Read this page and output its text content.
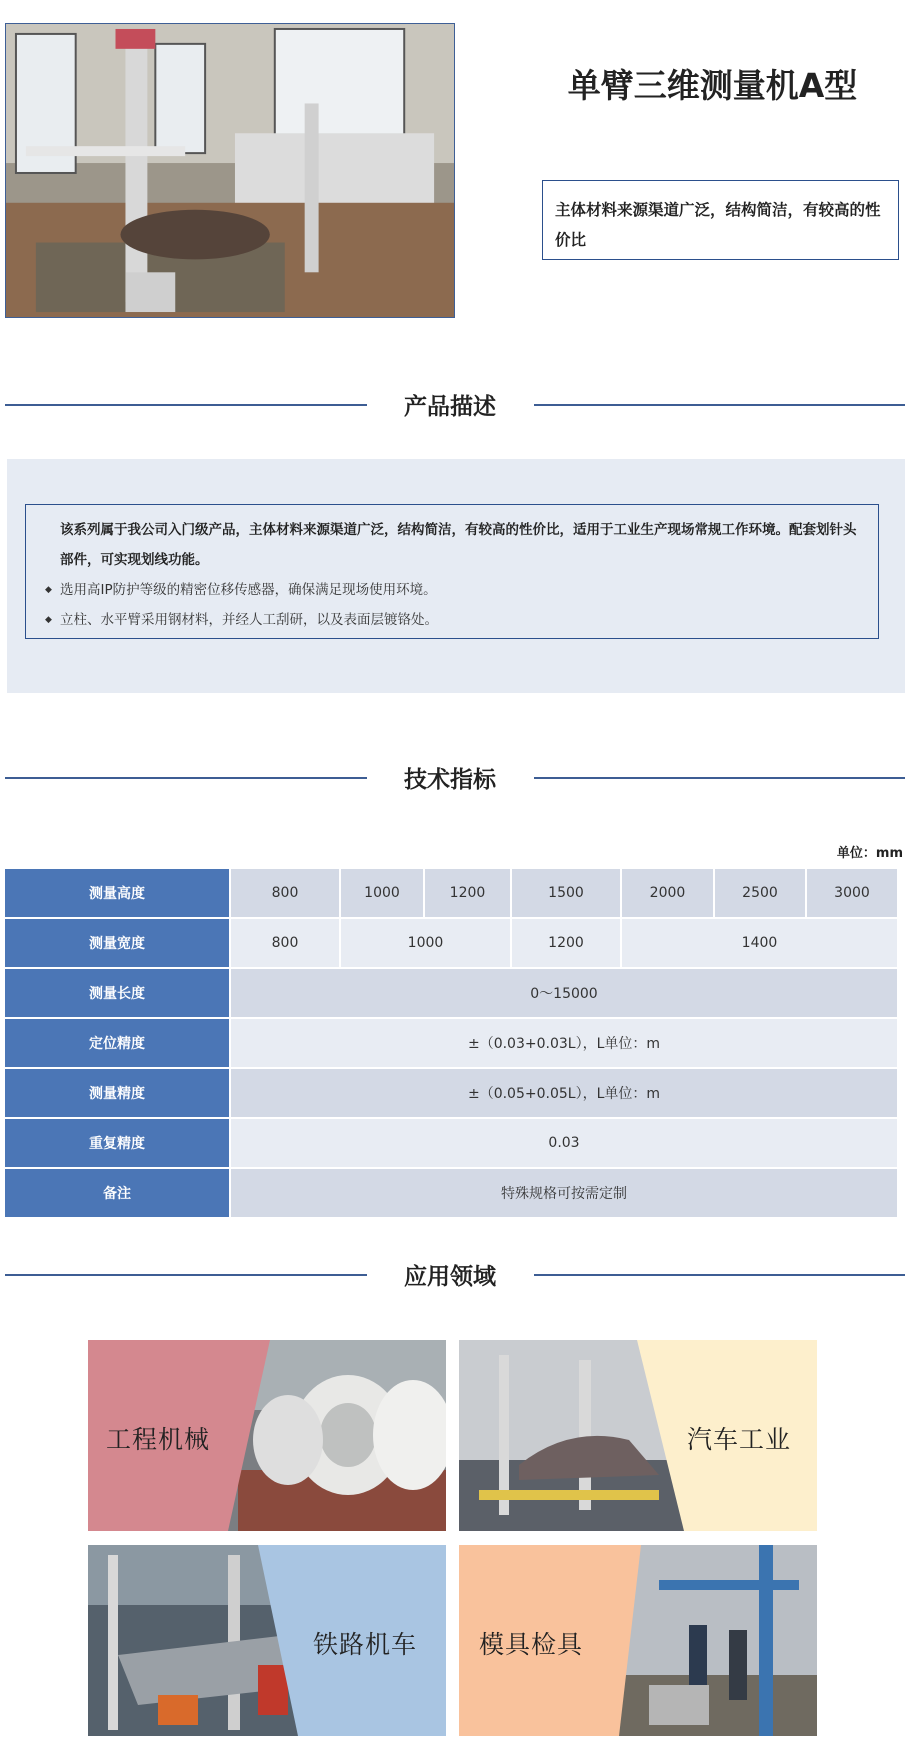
单臂三维测量机A型
主体材料来源渠道广泛，结构简洁，有较高的性价比
产品描述
该系列属于我公司入门级产品，主体材料来源渠道广泛，结构简洁，有较高的性价比，适用于工业生产现场常规工作环境。配套划针头部件，可实现划线功能。
◆ 选用高IP防护等级的精密位移传感器，确保满足现场使用环境。
◆ 立柱、水平臂采用钢材料，并经人工刮研，以及表面层镀铬处。
技术指标
单位：mm
测量高度	800	1000	1200	1500	2000	2500	3000
测量宽度	800	1000		1200	1400		
测量长度	0～15000						
定位精度	±（0.03+0.03L），L单位：m						
测量精度	±（0.05+0.05L），L单位：m						
重复精度	0.03						
备注	特殊规格可按需定制						
应用领域
工程机械	汽车工业
铁路机车 模具检具
